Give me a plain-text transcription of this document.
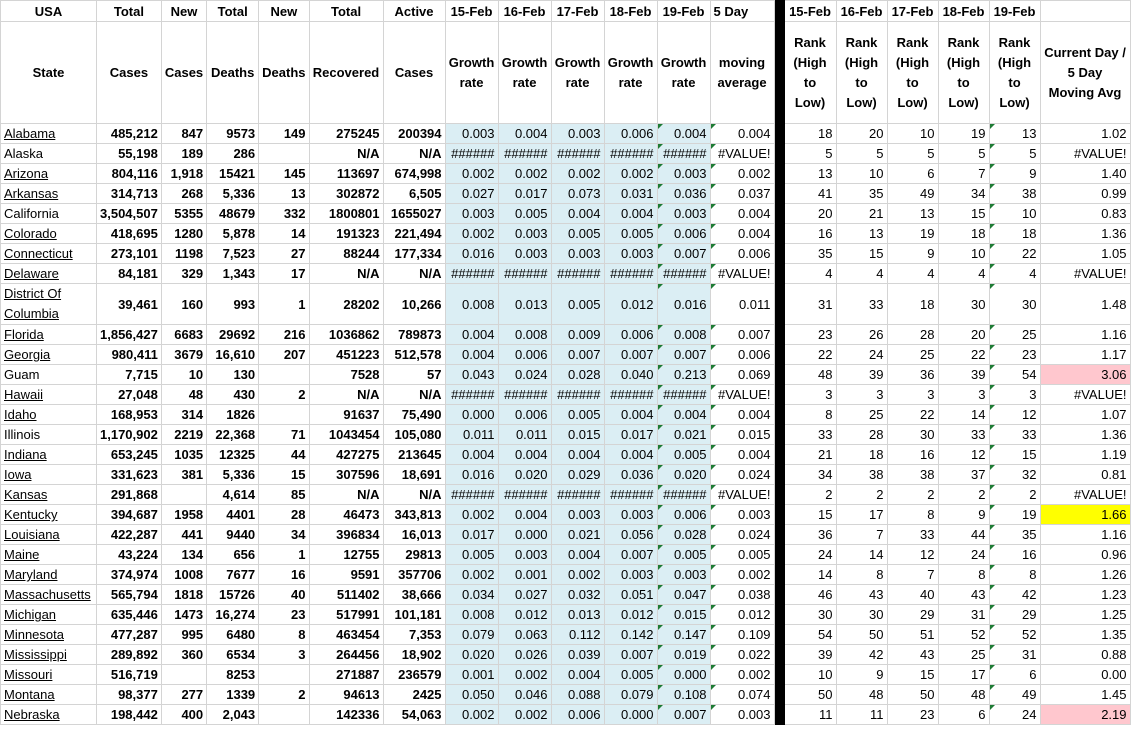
USA	Total	New	Total	New	Total	Active	15-Feb	16-Feb	17-Feb	18-Feb	19-Feb	5 Day		15-Feb	16-Feb	17-Feb	18-Feb	19-Feb	
State	Cases	Cases	Deaths	Deaths	Recovered	Cases	Growth rate	Growth rate	Growth rate	Growth rate	Growth rate	moving average		Rank (High to Low)	Rank (High to Low)	Rank (High to Low)	Rank (High to Low)	Rank (High to Low)	Current Day / 5 Day Moving Avg
Alabama	485,212	847	9573	149	275245	200394	0.003	0.004	0.003	0.006	0.004	0.004		18	20	10	19	13	1.02
Alaska	55,198	189	286		N/A	N/A	######	######	######	######	######	#VALUE!		5	5	5	5	5	#VALUE!
Arizona	804,116	1,918	15421	145	113697	674,998	0.002	0.002	0.002	0.002	0.003	0.002		13	10	6	7	9	1.40
Arkansas	314,713	268	5,336	13	302872	6,505	0.027	0.017	0.073	0.031	0.036	0.037		41	35	49	34	38	0.99
California	3,504,507	5355	48679	332	1800801	1655027	0.003	0.005	0.004	0.004	0.003	0.004		20	21	13	15	10	0.83
Colorado	418,695	1280	5,878	14	191323	221,494	0.002	0.003	0.005	0.005	0.006	0.004		16	13	19	18	18	1.36
Connecticut	273,101	1198	7,523	27	88244	177,334	0.016	0.003	0.003	0.003	0.007	0.006		35	15	9	10	22	1.05
Delaware	84,181	329	1,343	17	N/A	N/A	######	######	######	######	######	#VALUE!		4	4	4	4	4	#VALUE!
District Of Columbia	39,461	160	993	1	28202	10,266	0.008	0.013	0.005	0.012	0.016	0.011		31	33	18	30	30	1.48
Florida	1,856,427	6683	29692	216	1036862	789873	0.004	0.008	0.009	0.006	0.008	0.007		23	26	28	20	25	1.16
Georgia	980,411	3679	16,610	207	451223	512,578	0.004	0.006	0.007	0.007	0.007	0.006		22	24	25	22	23	1.17
Guam	7,715	10	130		7528	57	0.043	0.024	0.028	0.040	0.213	0.069		48	39	36	39	54	3.06
Hawaii	27,048	48	430	2	N/A	N/A	######	######	######	######	######	#VALUE!		3	3	3	3	3	#VALUE!
Idaho	168,953	314	1826		91637	75,490	0.000	0.006	0.005	0.004	0.004	0.004		8	25	22	14	12	1.07
Illinois	1,170,902	2219	22,368	71	1043454	105,080	0.011	0.011	0.015	0.017	0.021	0.015		33	28	30	33	33	1.36
Indiana	653,245	1035	12325	44	427275	213645	0.004	0.004	0.004	0.004	0.005	0.004		21	18	16	12	15	1.19
Iowa	331,623	381	5,336	15	307596	18,691	0.016	0.020	0.029	0.036	0.020	0.024		34	38	38	37	32	0.81
Kansas	291,868		4,614	85	N/A	N/A	######	######	######	######	######	#VALUE!		2	2	2	2	2	#VALUE!
Kentucky	394,687	1958	4401	28	46473	343,813	0.002	0.004	0.003	0.003	0.006	0.003		15	17	8	9	19	1.66
Louisiana	422,287	441	9440	34	396834	16,013	0.017	0.000	0.021	0.056	0.028	0.024		36	7	33	44	35	1.16
Maine	43,224	134	656	1	12755	29813	0.005	0.003	0.004	0.007	0.005	0.005		24	14	12	24	16	0.96
Maryland	374,974	1008	7677	16	9591	357706	0.002	0.001	0.002	0.003	0.003	0.002		14	8	7	8	8	1.26
Massachusetts	565,794	1818	15726	40	511402	38,666	0.034	0.027	0.032	0.051	0.047	0.038		46	43	40	43	42	1.23
Michigan	635,446	1473	16,274	23	517991	101,181	0.008	0.012	0.013	0.012	0.015	0.012		30	30	29	31	29	1.25
Minnesota	477,287	995	6480	8	463454	7,353	0.079	0.063	0.112	0.142	0.147	0.109		54	50	51	52	52	1.35
Mississippi	289,892	360	6534	3	264456	18,902	0.020	0.026	0.039	0.007	0.019	0.022		39	42	43	25	31	0.88
Missouri	516,719		8253		271887	236579	0.001	0.002	0.004	0.005	0.000	0.002		10	9	15	17	6	0.00
Montana	98,377	277	1339	2	94613	2425	0.050	0.046	0.088	0.079	0.108	0.074		50	48	50	48	49	1.45
Nebraska	198,442	400	2,043		142336	54,063	0.002	0.002	0.006	0.000	0.007	0.003		11	11	23	6	24	2.19
